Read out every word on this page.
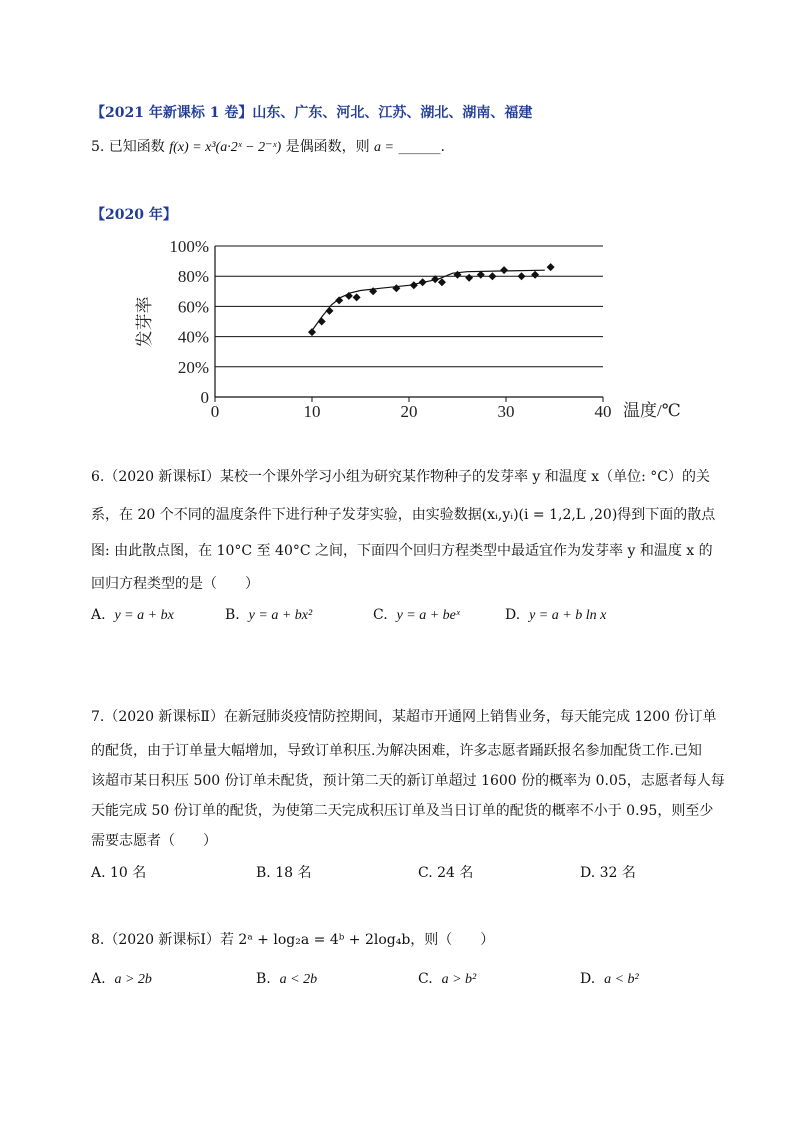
【2021 年新课标 1 卷】山东、广东、河北、江苏、湖北、湖南、福建
5. 已知函数 f(x) = x³(a·2ˣ − 2⁻ˣ) 是偶函数，则 a = ______.
【2020 年】
0
20%
40%
60%
80%
100%
0	10	20	30	40
发芽率
温度/℃
6.（2020 新课标Ⅰ）某校一个课外学习小组为研究某作物种子的发芽率 y 和温度 x（单位: °C）的关
系，在 20 个不同的温度条件下进行种子发芽实验，由实验数据(xᵢ,yᵢ)(i = 1,2,L ,20)得到下面的散点
图: 由此散点图，在 10°C 至 40°C 之间，下面四个回归方程类型中最适宜作为发芽率 y 和温度 x 的
回归方程类型的是（　　）
A. y = a + bx	B. y = a + bx²	C. y = a + beˣ	D. y = a + b ln x
7.（2020 新课标Ⅱ）在新冠肺炎疫情防控期间，某超市开通网上销售业务，每天能完成 1200 份订单
的配货，由于订单量大幅增加，导致订单积压.为解决困难，许多志愿者踊跃报名参加配货工作.已知
该超市某日积压 500 份订单未配货，预计第二天的新订单超过 1600 份的概率为 0.05，志愿者每人每
天能完成 50 份订单的配货，为使第二天完成积压订单及当日订单的配货的概率不小于 0.95，则至少
需要志愿者（　　）
A. 10 名	B. 18 名	C. 24 名	D. 32 名
8.（2020 新课标Ⅰ）若 2ᵃ + log₂a = 4ᵇ + 2log₄b，则（　　）
A. a > 2b	B. a < 2b	C. a > b²	D. a < b²
